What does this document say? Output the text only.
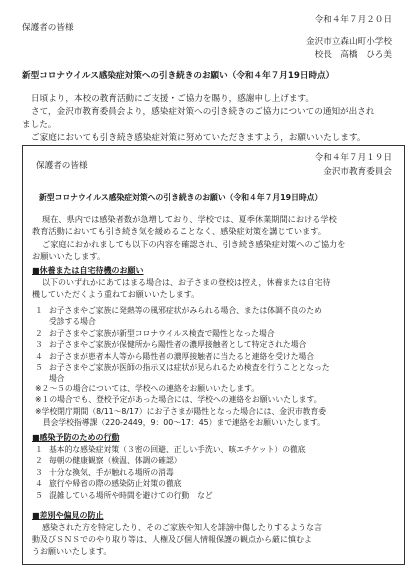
令和４年７月２０日
保護者の皆様
金沢市立森山町小学校
校長　高橋　ひろ美
新型コロナウイルス感染症対策への引き続きのお願い（令和４年７月19日時点）
日頃より，本校の教育活動にご支援・ご協力を賜り，感謝申し上げます。
さて，金沢市教育委員会より，感染症対策への引き続きのご協力についての通知が出され
ました。
ご家庭においても引き続き感染症対策に努めていただきますよう，お願いいたします。
保護者の皆様
令和４年７月１９日
金沢市教育委員会
新型コロナウイルス感染症対策への引き続きのお願い（令和４年７月19日時点）
現在、県内では感染者数が急増しており、学校では、夏季休業期間における学校
教育活動においても引き続き気を緩めることなく、感染症対策を講じています。
ご家庭におかれましても以下の内容を確認され、引き続き感染症対策へのご協力を
お願いいたします。
■休養または自宅待機のお願い
以下のいずれかにあてはまる場合は、お子さまの登校は控え，休養または自宅待
機していただくよう重ねてお願いいたします。
１ お子さまやご家族に発熱等の風邪症状がみられる場合、または体調不良のため
受診する場合
２ お子さまやご家族が新型コロナウイルス検査で陽性となった場合
３ お子さまやご家族が保健所から陽性者の濃厚接触者として特定された場合
４ お子さまが患者本人等から陽性者の濃厚接触者に当たると連絡を受けた場合
５ お子さまやご家族が医師の指示又は症状が見られるため検査を行うこととなった
場合
※２～５の場合については、学校への連絡をお願いいたします。
※１の場合でも、登校予定があった場合には、学校への連絡をお願いいたします。
※学校閉庁期間（8/11～8/17）にお子さまが陽性となった場合には、金沢市教育委
　員会学校指導課（220-2449，9：00～17：45）まで連絡をお願いいたします。
■感染予防のための行動
１ 基本的な感染症対策（３密の回避、正しい手洗い、咳エチケット）の徹底
２ 毎朝の健康観察（検温、体調の確認）
３ 十分な換気、手が触れる場所の消毒
４ 旅行や帰省の際の感染防止対策の徹底
５ 混雑している場所や時間を避けての行動　など
■差別や偏見の防止
感染された方を特定したり、そのご家族や知人を誹謗中傷したりするような言
動及びＳＮＳでのやり取り等は、人権及び個人情報保護の観点から厳に慎むよ
うお願いいたします。
